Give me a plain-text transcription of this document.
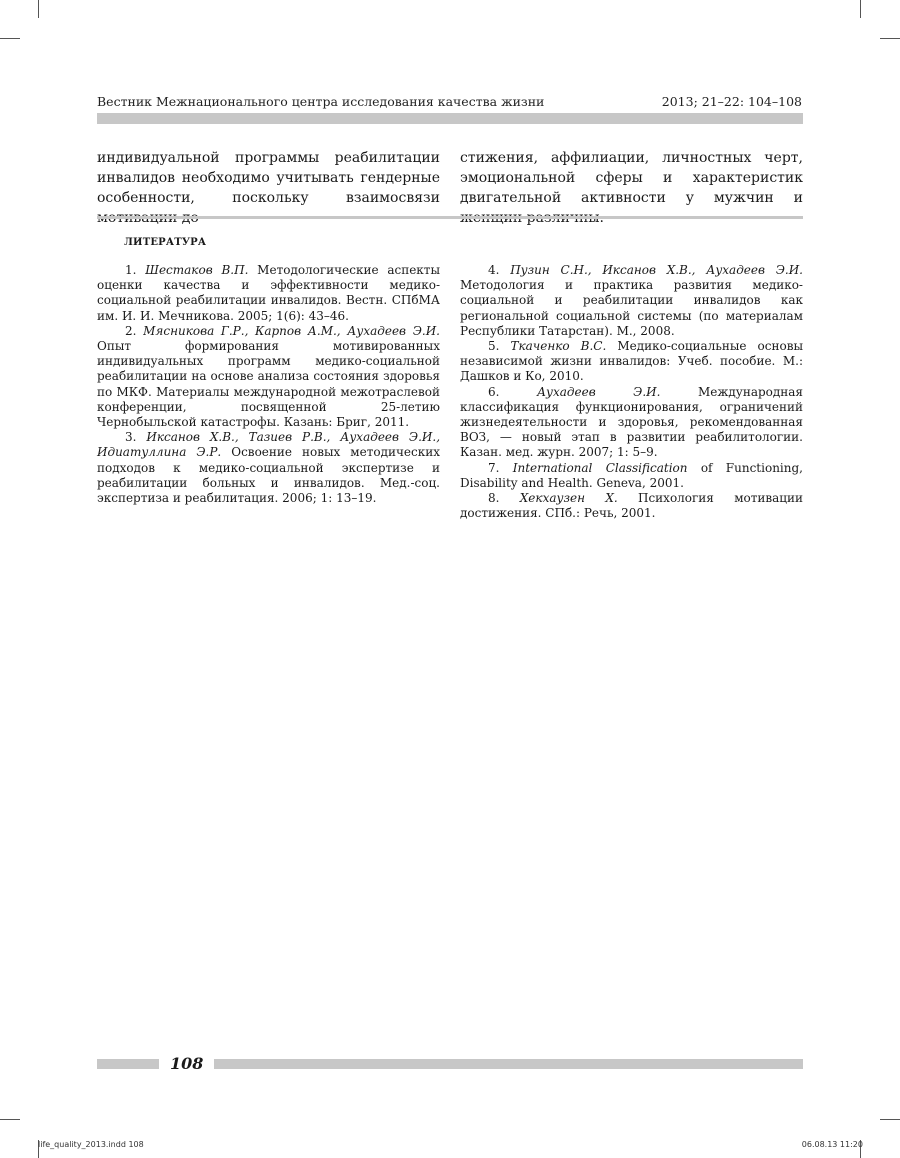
Вестник Межнационального центра исследования качества жизни	2013; 21–22: 104–108
индивидуальной программы реабилитации инвалидов необходимо учитывать гендерные особенности, поскольку взаимосвязи
стижения, аффилиации, личностных черт, эмоциональной сферы и характеристик двигательной активности у мужчин и
ЛИТЕРАТУРА

1. Шестаков В.П. Методологические аспекты оценки качества и эффективности медико-социальной реабилитации инвалидов. Вестн. СПбМА им. И. И. Мечникова. 2005; 1(6): 43–46.

2. Мясникова Г.Р., Карпов А.М., Аухадеев Э.И. Опыт формирования мотивированных индивидуальных программ медико-социальной реабилитации на основе анализа состояния здоровья по МКФ. Материалы международной межотраслевой конференции, посвященной 25-летию Чернобыльской катастрофы. Казань: Бриг, 2011.

3. Иксанов Х.В., Тазиев Р.В., Аухадеев Э.И., Идиатуллина Э.Р. Освоение новых методических подходов к медико-социальной экспертизе и реабилитации больных и инвалидов. Мед.-соц. экспертиза и реабилитация. 2006; 1: 13–19.

4. Пузин С.Н., Иксанов Х.В., Аухадеев Э.И. Методология и практика развития медико-социальной и реабилитации инвалидов как региональной социальной системы (по материалам Республики Татарстан). М., 2008.

5. Ткаченко В.С. Медико-социальные основы независимой жизни инвалидов: Учеб. пособие. М.: Дашков и Ко, 2010.

6. Аухадеев Э.И. Международная классификация функционирования, ограничений жизнедеятельности и здоровья, рекомендованная ВОЗ, — новый этап в развитии реабилитологии. Казан. мед. журн. 2007; 1: 5–9.

7. International Classification of Functioning, Disability and Health. Geneva, 2001.

8. Хекхаузен Х. Психология мотивации достижения. СПб.: Речь, 2001.

108
life_quality_2013.indd 108	06.08.13 11:20
